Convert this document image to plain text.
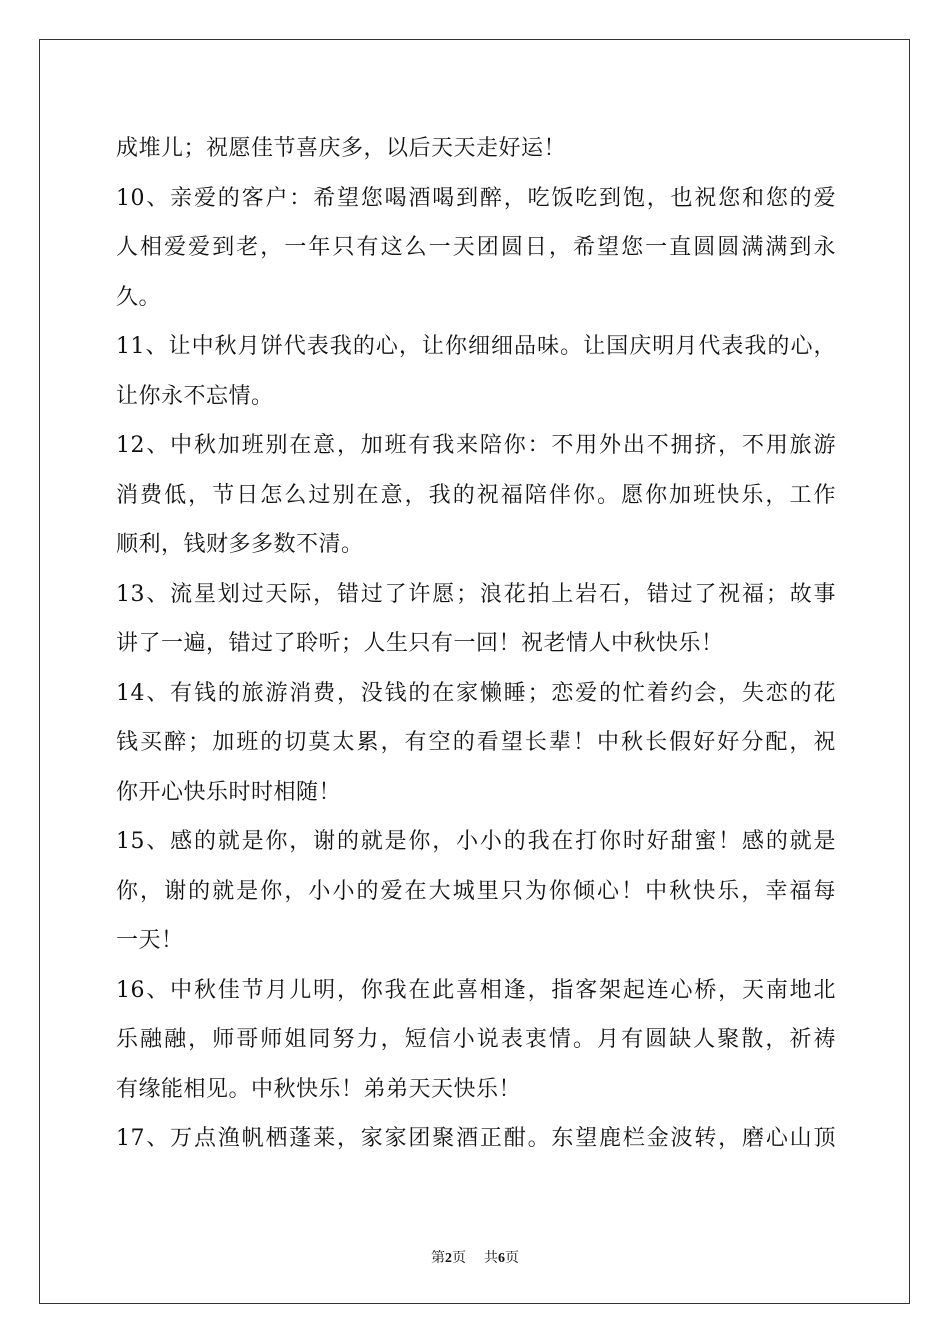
成堆儿；祝愿佳节喜庆多，以后天天走好运！
10、亲爱的客户：希望您喝酒喝到醉，吃饭吃到饱，也祝您和您的爱
人相爱爱到老，一年只有这么一天团圆日，希望您一直圆圆满满到永
久。
11、让中秋月饼代表我的心，让你细细品味。让国庆明月代表我的心，
让你永不忘情。
12、中秋加班别在意，加班有我来陪你：不用外出不拥挤，不用旅游
消费低，节日怎么过别在意，我的祝福陪伴你。愿你加班快乐，工作
顺利，钱财多多数不清。
13、流星划过天际，错过了许愿；浪花拍上岩石，错过了祝福；故事
讲了一遍，错过了聆听；人生只有一回！祝老情人中秋快乐！
14、有钱的旅游消费，没钱的在家懒睡；恋爱的忙着约会，失恋的花
钱买醉；加班的切莫太累，有空的看望长辈！中秋长假好好分配，祝
你开心快乐时时相随！
15、感的就是你，谢的就是你，小小的我在打你时好甜蜜！感的就是
你，谢的就是你，小小的爱在大城里只为你倾心！中秋快乐，幸福每
一天！
16、中秋佳节月儿明，你我在此喜相逢，指客架起连心桥，天南地北
乐融融，师哥师姐同努力，短信小说表衷情。月有圆缺人聚散，祈祷
有缘能相见。中秋快乐！弟弟天天快乐！
17、万点渔帆栖蓬莱，家家团聚酒正酣。东望鹿栏金波转，磨心山顶
第2页 共6页
